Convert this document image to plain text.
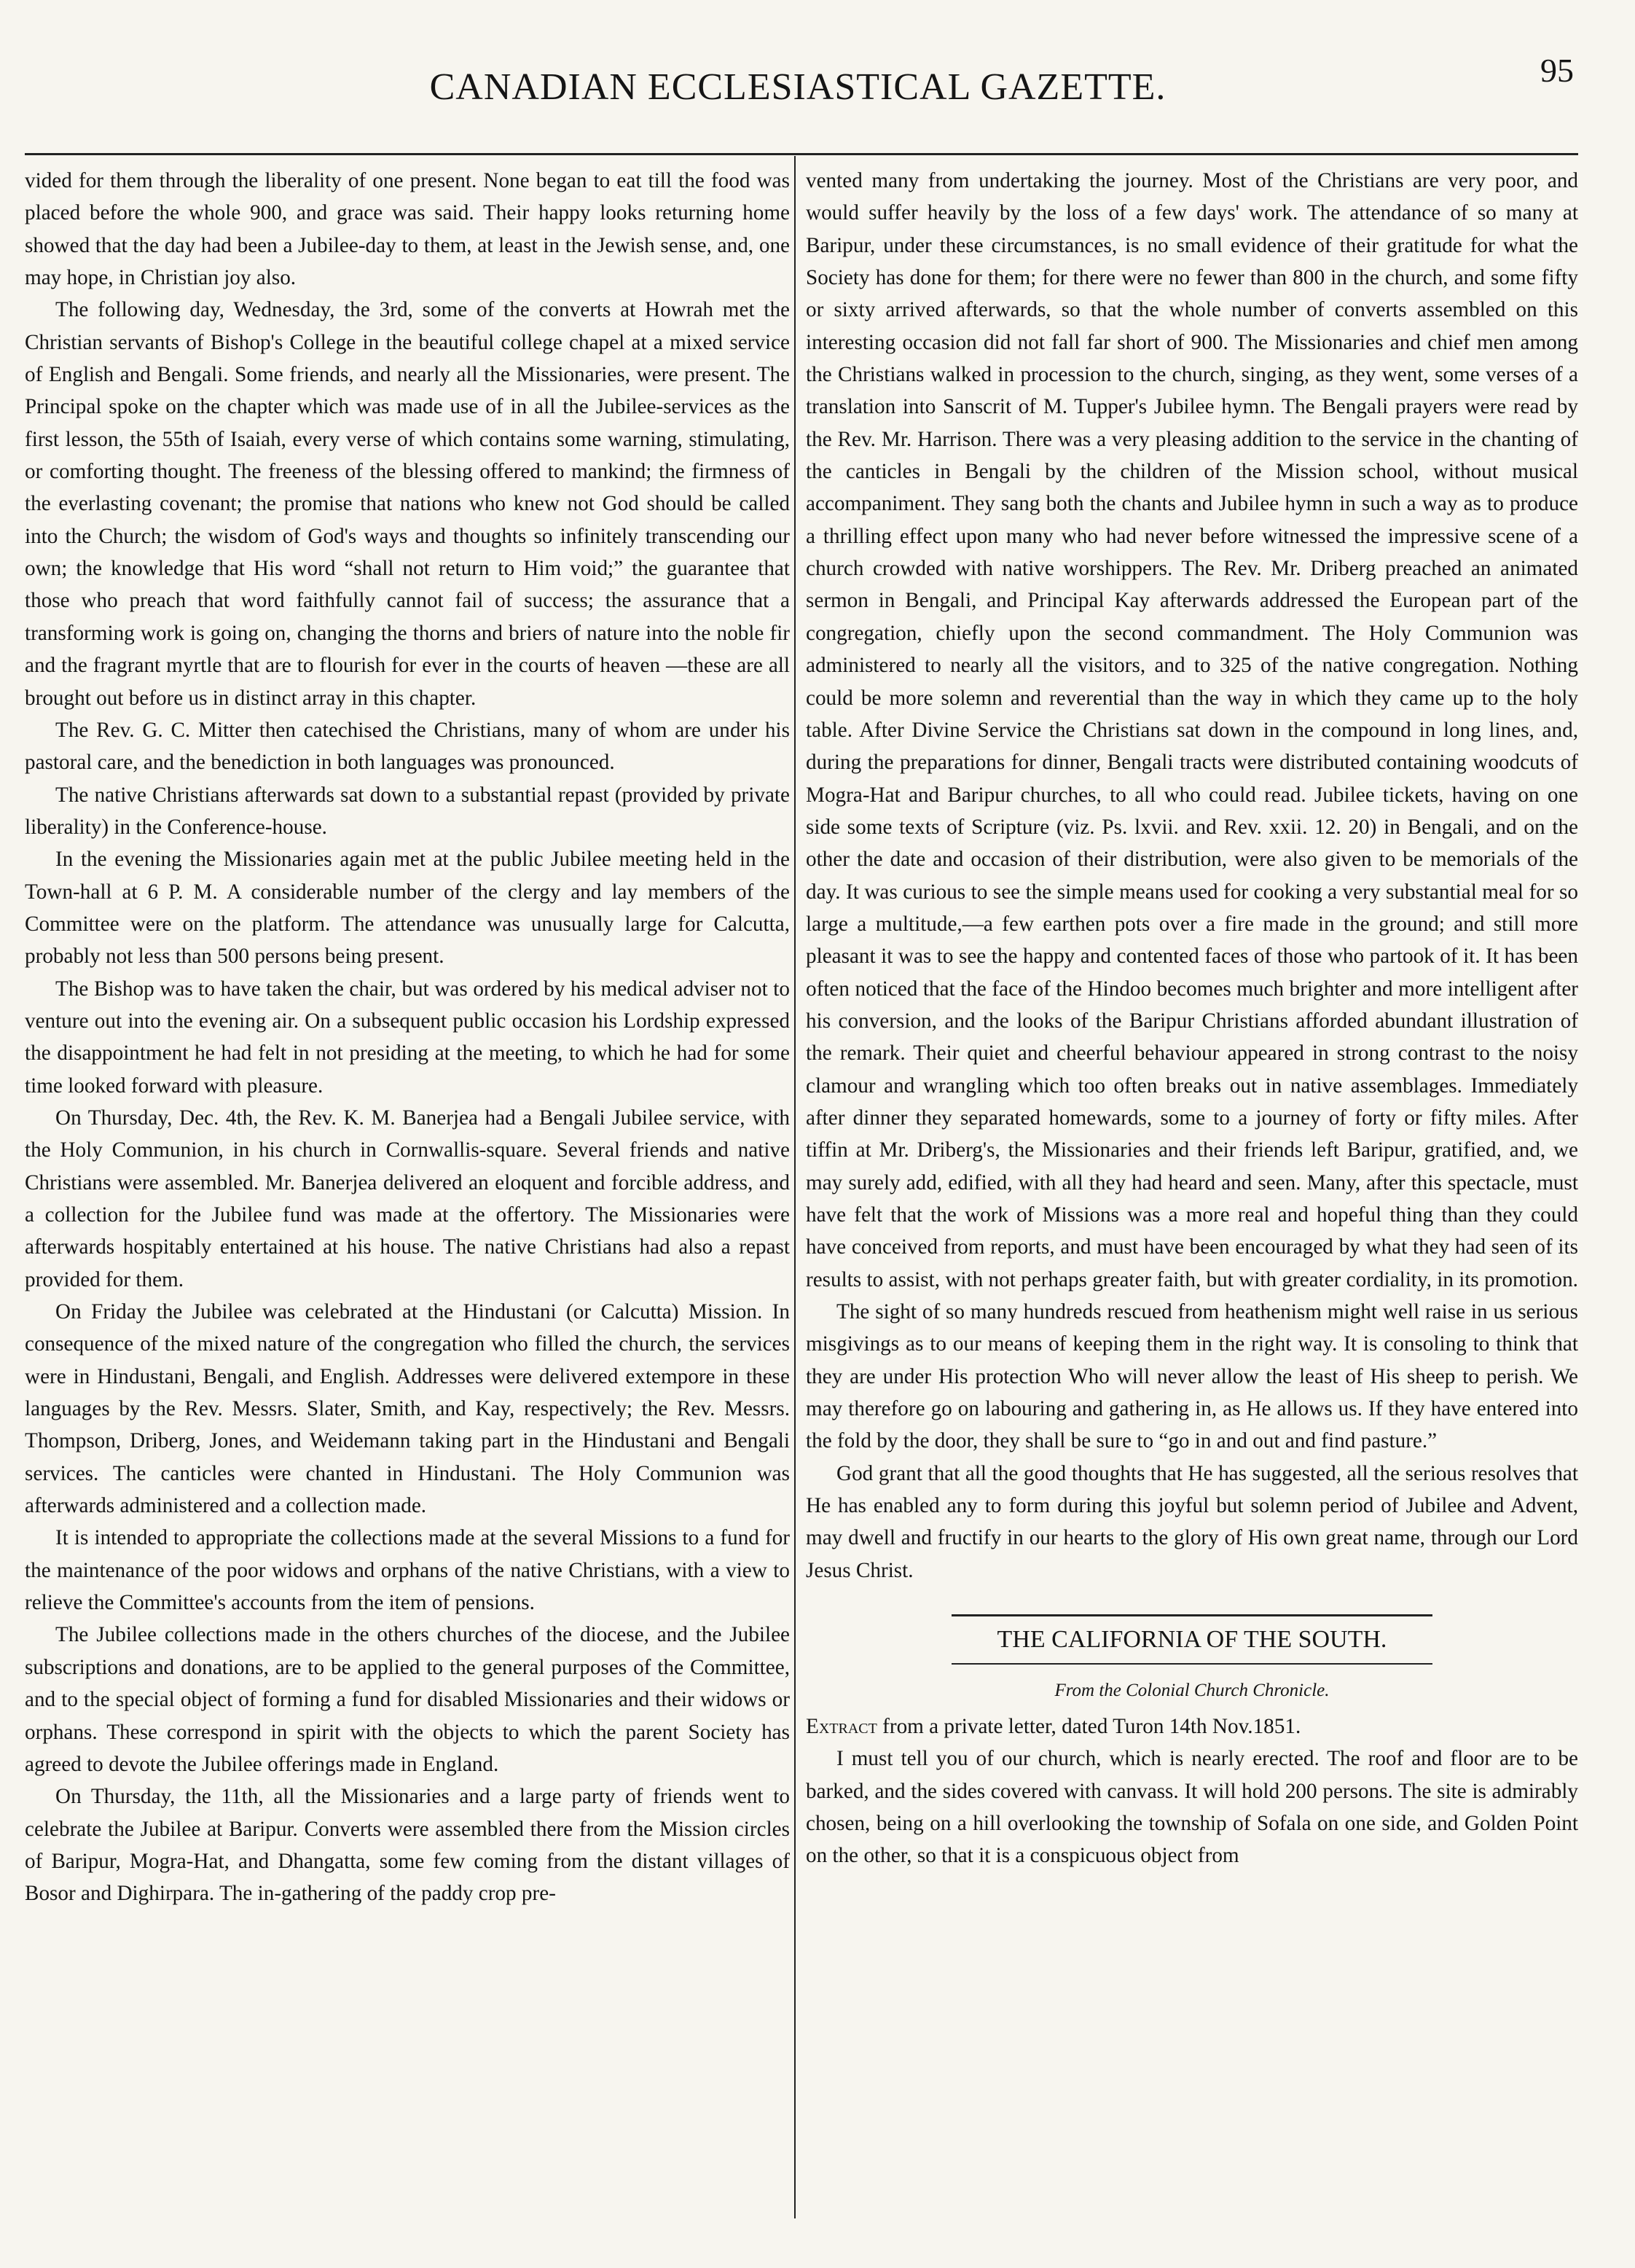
CANADIAN ECCLESIASTICAL GAZETTE.	95

vided for them through the liberality of one present. None began to eat till the food was placed before the whole 900, and grace was said. Their happy looks returning home showed that the day had been a Jubilee-day to them, at least in the Jewish sense, and, one may hope, in Christian joy also.

The following day, Wednesday, the 3rd, some of the converts at Howrah met the Christian servants of Bishop's College in the beautiful college chapel at a mixed service of English and Bengali. Some friends, and nearly all the Missionaries, were present. The Principal spoke on the chapter which was made use of in all the Jubilee-services as the first lesson, the 55th of Isaiah, every verse of which contains some warning, stimulating, or comforting thought. The freeness of the blessing offered to mankind; the firmness of the everlasting covenant; the promise that nations who knew not God should be called into the Church; the wisdom of God's ways and thoughts so infinitely transcending our own; the knowledge that His word “shall not return to Him void;” the guarantee that those who preach that word faithfully cannot fail of success; the assurance that a transforming work is going on, changing the thorns and briers of nature into the noble fir and the fragrant myrtle that are to flourish for ever in the courts of heaven —these are all brought out before us in distinct array in this chapter.

The Rev. G. C. Mitter then catechised the Christians, many of whom are under his pastoral care, and the benediction in both languages was pronounced.

The native Christians afterwards sat down to a substantial repast (provided by private liberality) in the Conference-house.

In the evening the Missionaries again met at the public Jubilee meeting held in the Town-hall at 6 P. M. A considerable number of the clergy and lay members of the Committee were on the platform. The attendance was unusually large for Calcutta, probably not less than 500 persons being present.

The Bishop was to have taken the chair, but was ordered by his medical adviser not to venture out into the evening air. On a subsequent public occasion his Lordship expressed the disappointment he had felt in not presiding at the meeting, to which he had for some time looked forward with pleasure.

On Thursday, Dec. 4th, the Rev. K. M. Banerjea had a Bengali Jubilee service, with the Holy Communion, in his church in Cornwallis-square. Several friends and native Christians were assembled. Mr. Banerjea delivered an eloquent and forcible address, and a collection for the Jubilee fund was made at the offertory. The Missionaries were afterwards hospitably entertained at his house. The native Christians had also a repast provided for them.

On Friday the Jubilee was celebrated at the Hindustani (or Calcutta) Mission. In consequence of the mixed nature of the congregation who filled the church, the services were in Hindustani, Bengali, and English. Addresses were delivered extempore in these languages by the Rev. Messrs. Slater, Smith, and Kay, respectively; the Rev. Messrs. Thompson, Driberg, Jones, and Weidemann taking part in the Hindustani and Bengali services. The canticles were chanted in Hindustani. The Holy Communion was afterwards administered and a collection made.

It is intended to appropriate the collections made at the several Missions to a fund for the maintenance of the poor widows and orphans of the native Christians, with a view to relieve the Committee's accounts from the item of pensions.

The Jubilee collections made in the others churches of the diocese, and the Jubilee subscriptions and donations, are to be applied to the general purposes of the Committee, and to the special object of forming a fund for disabled Missionaries and their widows or orphans. These correspond in spirit with the objects to which the parent Society has agreed to devote the Jubilee offerings made in England.

On Thursday, the 11th, all the Missionaries and a large party of friends went to celebrate the Jubilee at Baripur. Converts were assembled there from the Mission circles of Baripur, Mogra-Hat, and Dhangatta, some few coming from the distant villages of Bosor and Dighirpara. The in-gathering of the paddy crop pre-

vented many from undertaking the journey. Most of the Christians are very poor, and would suffer heavily by the loss of a few days' work. The attendance of so many at Baripur, under these circumstances, is no small evidence of their gratitude for what the Society has done for them; for there were no fewer than 800 in the church, and some fifty or sixty arrived afterwards, so that the whole number of converts assembled on this interesting occasion did not fall far short of 900. The Missionaries and chief men among the Christians walked in procession to the church, singing, as they went, some verses of a translation into Sanscrit of M. Tupper's Jubilee hymn. The Bengali prayers were read by the Rev. Mr. Harrison. There was a very pleasing addition to the service in the chanting of the canticles in Bengali by the children of the Mission school, without musical accompaniment. They sang both the chants and Jubilee hymn in such a way as to produce a thrilling effect upon many who had never before witnessed the impressive scene of a church crowded with native worshippers. The Rev. Mr. Driberg preached an animated sermon in Bengali, and Principal Kay afterwards addressed the European part of the congregation, chiefly upon the second commandment. The Holy Communion was administered to nearly all the visitors, and to 325 of the native congregation. Nothing could be more solemn and reverential than the way in which they came up to the holy table. After Divine Service the Christians sat down in the compound in long lines, and, during the preparations for dinner, Bengali tracts were distributed containing woodcuts of Mogra-Hat and Baripur churches, to all who could read. Jubilee tickets, having on one side some texts of Scripture (viz. Ps. lxvii. and Rev. xxii. 12. 20) in Bengali, and on the other the date and occasion of their distribution, were also given to be memorials of the day. It was curious to see the simple means used for cooking a very substantial meal for so large a multitude,—a few earthen pots over a fire made in the ground; and still more pleasant it was to see the happy and contented faces of those who partook of it. It has been often noticed that the face of the Hindoo becomes much brighter and more intelligent after his conversion, and the looks of the Baripur Christians afforded abundant illustration of the remark. Their quiet and cheerful behaviour appeared in strong contrast to the noisy clamour and wrangling which too often breaks out in native assemblages. Immediately after dinner they separated homewards, some to a journey of forty or fifty miles. After tiffin at Mr. Driberg's, the Missionaries and their friends left Baripur, gratified, and, we may surely add, edified, with all they had heard and seen. Many, after this spectacle, must have felt that the work of Missions was a more real and hopeful thing than they could have conceived from reports, and must have been encouraged by what they had seen of its results to assist, with not perhaps greater faith, but with greater cordiality, in its promotion.

The sight of so many hundreds rescued from heathenism might well raise in us serious misgivings as to our means of keeping them in the right way. It is consoling to think that they are under His protection Who will never allow the least of His sheep to perish. We may therefore go on labouring and gathering in, as He allows us. If they have entered into the fold by the door, they shall be sure to “go in and out and find pasture.”

God grant that all the good thoughts that He has suggested, all the serious resolves that He has enabled any to form during this joyful but solemn period of Jubilee and Advent, may dwell and fructify in our hearts to the glory of His own great name, through our Lord Jesus Christ.

THE CALIFORNIA OF THE SOUTH.
From the Colonial Church Chronicle.

Extract from a private letter, dated Turon 14th Nov.1851.

I must tell you of our church, which is nearly erected. The roof and floor are to be barked, and the sides covered with canvass. It will hold 200 persons. The site is admirably chosen, being on a hill overlooking the township of Sofala on one side, and Golden Point on the other, so that it is a conspicuous object from
